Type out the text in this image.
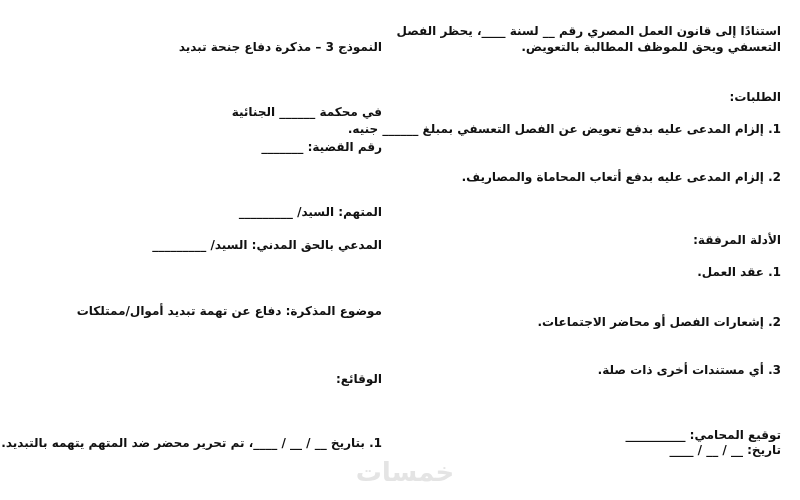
النموذج 3 – مذكرة دفاع جنحة تبديد
في محكمة ______ الجنائية
رقم القضية: _______
المتهم: السيد/ _________
المدعي بالحق المدني: السيد/ _________
موضوع المذكرة: دفاع عن تهمة تبديد أموال/ممتلكات
الوقائع:
1. بتاريخ __ / __ / ____، تم تحرير محضر ضد المتهم يتهمه بالتبديد.
استنادًا إلى قانون العمل المصري رقم __ لسنة ____، يحظر الفصل
التعسفي ويحق للموظف المطالبة بالتعويض.
الطلبات:
1. إلزام المدعى عليه بدفع تعويض عن الفصل التعسفي بمبلغ ______ جنيه.
2. إلزام المدعى عليه بدفع أتعاب المحاماة والمصاريف.
الأدلة المرفقة:
1. عقد العمل.
2. إشعارات الفصل أو محاضر الاجتماعات.
3. أي مستندات أخرى ذات صلة.
توقيع المحامي: __________
تاريخ: __ / __ / ____
خمسات
